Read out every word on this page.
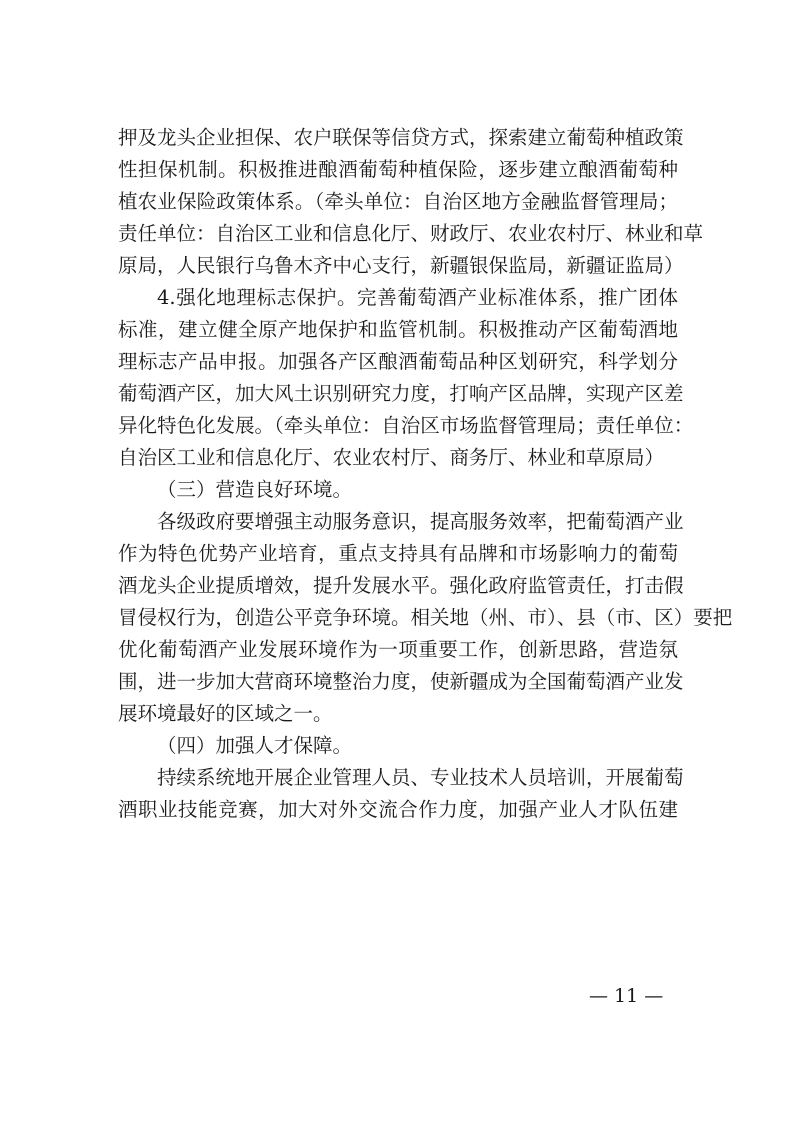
押及龙头企业担保、农户联保等信贷方式，探索建立葡萄种植政策
性担保机制。积极推进酿酒葡萄种植保险，逐步建立酿酒葡萄种
植农业保险政策体系。（牵头单位：自治区地方金融监督管理局；
责任单位：自治区工业和信息化厅、财政厅、农业农村厅、林业和草
原局，人民银行乌鲁木齐中心支行，新疆银保监局，新疆证监局）
4.强化地理标志保护。完善葡萄酒产业标准体系，推广团体
标准，建立健全原产地保护和监管机制。积极推动产区葡萄酒地
理标志产品申报。加强各产区酿酒葡萄品种区划研究，科学划分
葡萄酒产区，加大风土识别研究力度，打响产区品牌，实现产区差
异化特色化发展。（牵头单位：自治区市场监督管理局；责任单位：
自治区工业和信息化厅、农业农村厅、商务厅、林业和草原局）
（三）营造良好环境。
各级政府要增强主动服务意识，提高服务效率，把葡萄酒产业
作为特色优势产业培育，重点支持具有品牌和市场影响力的葡萄
酒龙头企业提质增效，提升发展水平。强化政府监管责任，打击假
冒侵权行为，创造公平竞争环境。相关地（州、市）、县（市、区）要把
优化葡萄酒产业发展环境作为一项重要工作，创新思路，营造氛
围，进一步加大营商环境整治力度，使新疆成为全国葡萄酒产业发
展环境最好的区域之一。
（四）加强人才保障。
持续系统地开展企业管理人员、专业技术人员培训，开展葡萄
酒职业技能竞赛，加大对外交流合作力度，加强产业人才队伍建
— 11 —
